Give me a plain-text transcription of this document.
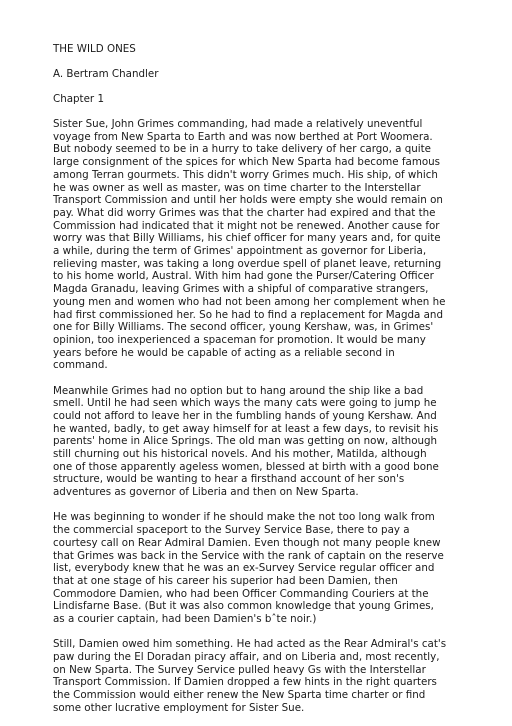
THE WILD ONES

A. Bertram Chandler

Chapter 1

Sister Sue, John Grimes commanding, had made a relatively uneventful
voyage from New Sparta to Earth and was now berthed at Port Woomera.
But nobody seemed to be in a hurry to take delivery of her cargo, a quite
large consignment of the spices for which New Sparta had become famous
among Terran gourmets. This didn't worry Grimes much. His ship, of which
he was owner as well as master, was on time charter to the Interstellar
Transport Commission and until her holds were empty she would remain on
pay. What did worry Grimes was that the charter had expired and that the
Commission had indicated that it might not be renewed. Another cause for
worry was that Billy Williams, his chief officer for many years and, for quite
a while, during the term of Grimes' appointment as governor for Liberia,
relieving master, was taking a long overdue spell of planet leave, returning
to his home world, Austral. With him had gone the Purser/Catering Officer
Magda Granadu, leaving Grimes with a shipful of comparative strangers,
young men and women who had not been among her complement when he
had first commissioned her. So he had to find a replacement for Magda and
one for Billy Williams. The second officer, young Kershaw, was, in Grimes'
opinion, too inexperienced a spaceman for promotion. It would be many
years before he would be capable of acting as a reliable second in
command.

Meanwhile Grimes had no option but to hang around the ship like a bad
smell. Until he had seen which ways the many cats were going to jump he
could not afford to leave her in the fumbling hands of young Kershaw. And
he wanted, badly, to get away himself for at least a few days, to revisit his
parents' home in Alice Springs. The old man was getting on now, although
still churning out his historical novels. And his mother, Matilda, although
one of those apparently ageless women, blessed at birth with a good bone
structure, would be wanting to hear a firsthand account of her son's
adventures as governor of Liberia and then on New Sparta.

He was beginning to wonder if he should make the not too long walk from
the commercial spaceport to the Survey Service Base, there to pay a
courtesy call on Rear Admiral Damien. Even though not many people knew
that Grimes was back in the Service with the rank of captain on the reserve
list, everybody knew that he was an ex-Survey Service regular officer and
that at one stage of his career his superior had been Damien, then
Commodore Damien, who had been Officer Commanding Couriers at the
Lindisfarne Base. (But it was also common knowledge that young Grimes,
as a courier captain, had been Damien's bˆte noir.)

Still, Damien owed him something. He had acted as the Rear Admiral's cat's
paw during the El Doradan piracy affair, and on Liberia and, most recently,
on New Sparta. The Survey Service pulled heavy Gs with the Interstellar
Transport Commission. If Damien dropped a few hints in the right quarters
the Commission would either renew the New Sparta time charter or find
some other lucrative employment for Sister Sue.
